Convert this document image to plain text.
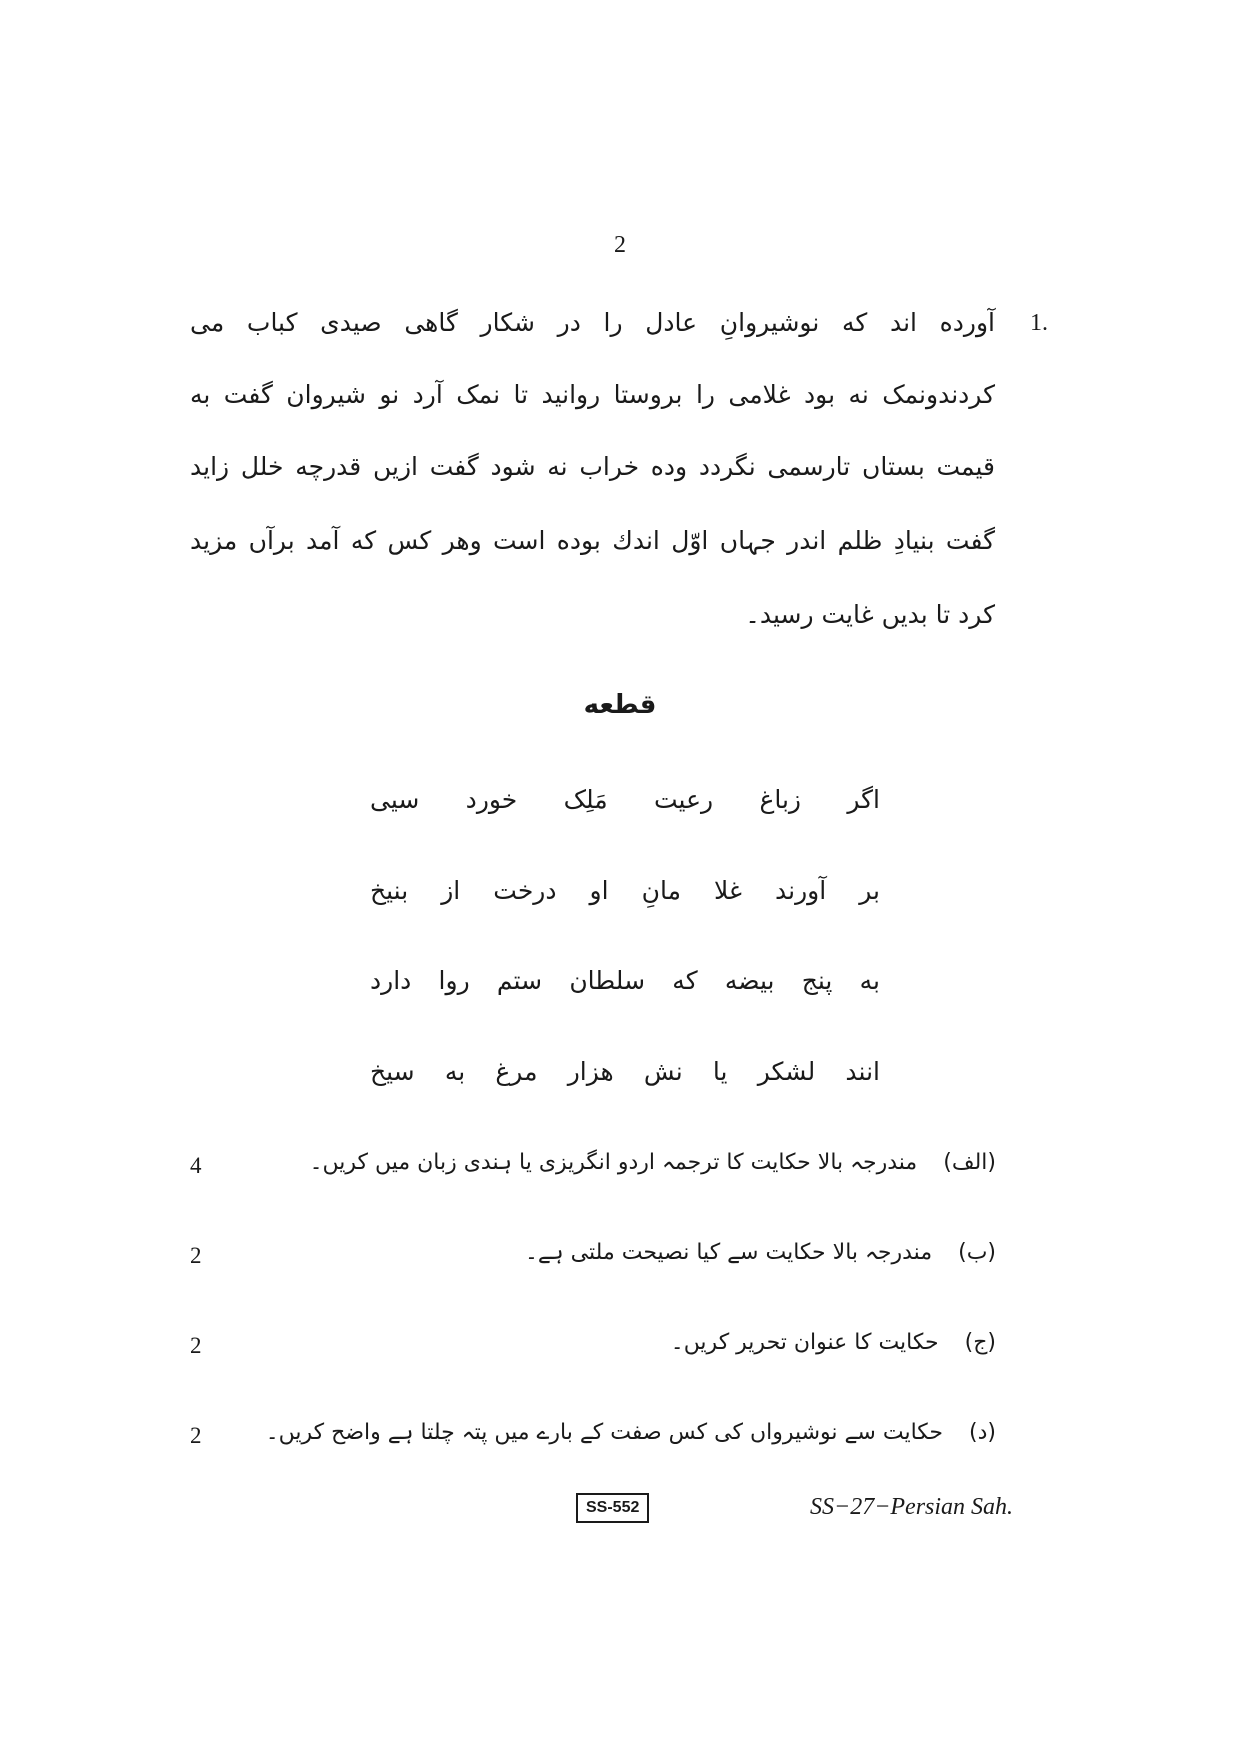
2
1.
آورده اند که نوشیروانِ عادل را در شکار گاهی صیدی کباب می
کردندونمک نه بود غلامی را بروستا روانید تا نمک آرد نو شیروان گفت به
قیمت بستاں تارسمی نگردد وده خراب نه شود گفت ازیں قدرچه خلل زاید
گفت بنیادِ ظلم اندر جہاں اوّل اندك بوده است وهر کس که آمد برآں مزید
کرد تا بدیں غایت رسید۔
قطعه
اگر زباغ رعیت مَلِک خورد سیی
بر آورند غلا مانِ او درخت از بنیخ
به پنج بیضه که سلطان ستم روا دارد
انند لشکر یا نش هزار مرغ به سیخ
(الف)مندرجہ بالا حکایت کا ترجمہ اردو انگریزی یا ہندی زبان میں کریں۔
4
(ب)مندرجہ بالا حکایت سے کیا نصیحت ملتی ہے۔
2
(ج)حکایت کا عنوان تحریر کریں۔
2
(د)حکایت سے نوشیرواں کی کس صفت کے بارے میں پتہ چلتا ہے واضح کریں۔
2
SS-552	SS−27−Persian Sah.
